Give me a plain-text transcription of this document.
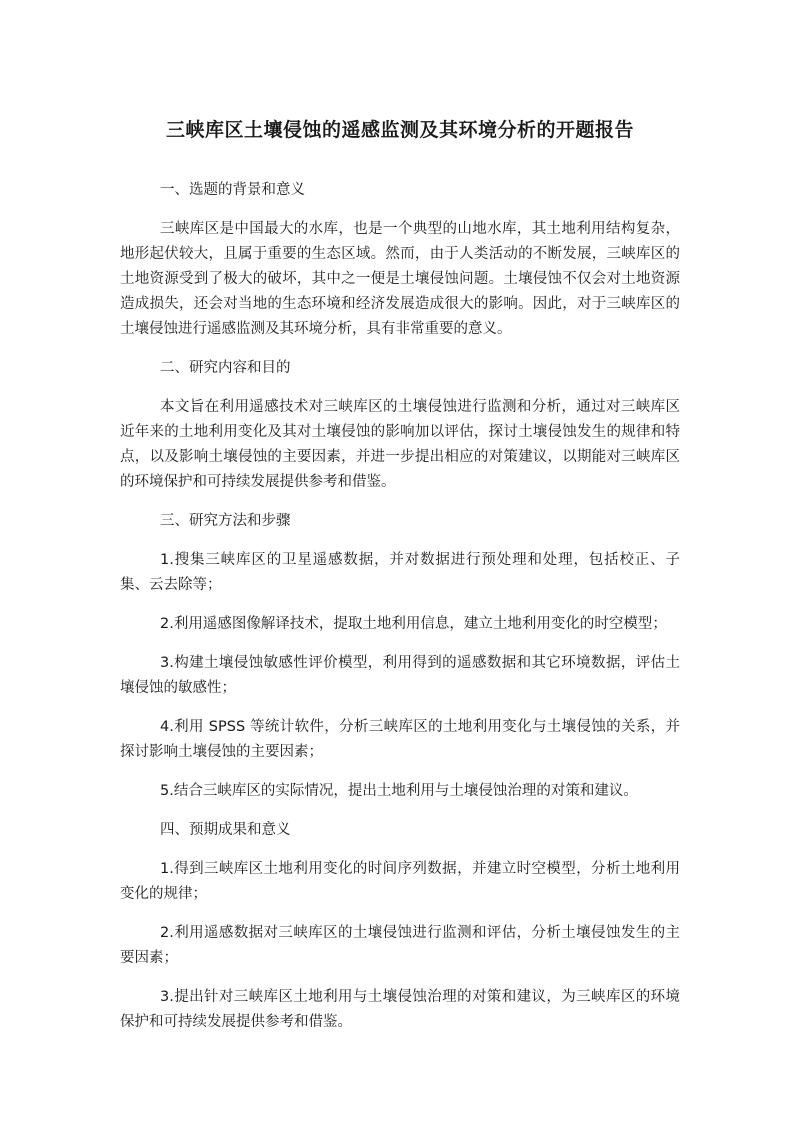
三峡库区土壤侵蚀的遥感监测及其环境分析的开题报告

一、选题的背景和意义

三峡库区是中国最大的水库，也是一个典型的山地水库，其土地利用结构复杂，地形起伏较大，且属于重要的生态区域。然而，由于人类活动的不断发展，三峡库区的土地资源受到了极大的破坏，其中之一便是土壤侵蚀问题。土壤侵蚀不仅会对土地资源造成损失，还会对当地的生态环境和经济发展造成很大的影响。因此，对于三峡库区的土壤侵蚀进行遥感监测及其环境分析，具有非常重要的意义。

二、研究内容和目的

本文旨在利用遥感技术对三峡库区的土壤侵蚀进行监测和分析，通过对三峡库区近年来的土地利用变化及其对土壤侵蚀的影响加以评估，探讨土壤侵蚀发生的规律和特点，以及影响土壤侵蚀的主要因素，并进一步提出相应的对策建议，以期能对三峡库区的环境保护和可持续发展提供参考和借鉴。

三、研究方法和步骤

1.搜集三峡库区的卫星遥感数据，并对数据进行预处理和处理，包括校正、子集、云去除等；

2.利用遥感图像解译技术，提取土地利用信息，建立土地利用变化的时空模型；

3.构建土壤侵蚀敏感性评价模型，利用得到的遥感数据和其它环境数据，评估土壤侵蚀的敏感性；

4.利用 SPSS 等统计软件，分析三峡库区的土地利用变化与土壤侵蚀的关系，并探讨影响土壤侵蚀的主要因素；

5.结合三峡库区的实际情况，提出土地利用与土壤侵蚀治理的对策和建议。

四、预期成果和意义

1.得到三峡库区土地利用变化的时间序列数据，并建立时空模型，分析土地利用变化的规律；

2.利用遥感数据对三峡库区的土壤侵蚀进行监测和评估，分析土壤侵蚀发生的主要因素；

3.提出针对三峡库区土地利用与土壤侵蚀治理的对策和建议，为三峡库区的环境保护和可持续发展提供参考和借鉴。
